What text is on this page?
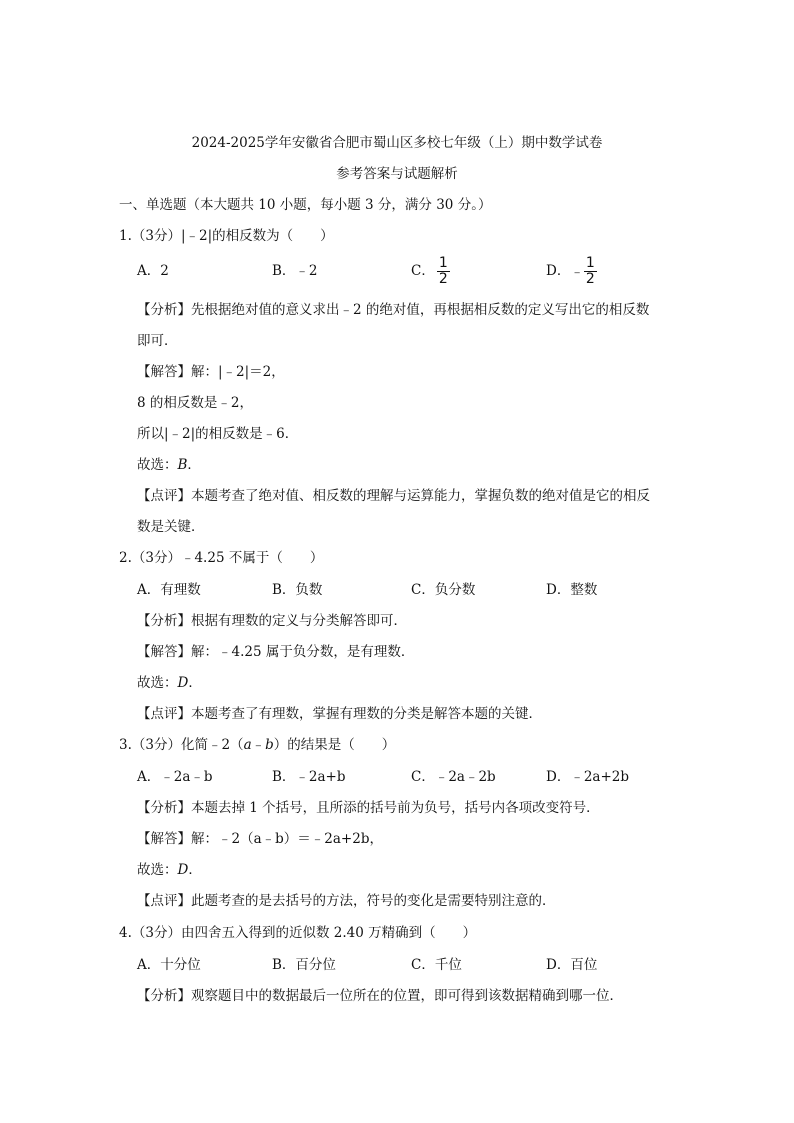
2024-2025学年安徽省合肥市蜀山区多校七年级（上）期中数学试卷
参考答案与试题解析
一、单选题（本大题共 10 小题，每小题 3 分，满分 30 分。）
1.（3分）|﹣2|的相反数为（　　）
A．2	B．﹣2	C． $\frac{1}{2}$	D．﹣ $\frac{1}{2}$
【分析】先根据绝对值的意义求出﹣2 的绝对值，再根据相反数的定义写出它的相反数
即可．
【解答】解：|﹣2|＝2，
8 的相反数是﹣2，
所以|﹣2|的相反数是﹣6．
故选：B．
【点评】本题考查了绝对值、相反数的理解与运算能力，掌握负数的绝对值是它的相反
数是关键．
2.（3分）﹣4.25 不属于（　　）
A．有理数	B．负数	C．负分数	D．整数
【分析】根据有理数的定义与分类解答即可．
【解答】解：﹣4.25 属于负分数，是有理数．
故选：D．
【点评】本题考查了有理数，掌握有理数的分类是解答本题的关键．
3.（3分）化简﹣2（a﹣b）的结果是（　　）
A．﹣2a﹣b	B．﹣2a+b	C．﹣2a﹣2b	D．﹣2a+2b
【分析】本题去掉 1 个括号，且所添的括号前为负号，括号内各项改变符号．
【解答】解：﹣2（a﹣b）＝﹣2a+2b，
故选：D．
【点评】此题考查的是去括号的方法，符号的变化是需要特别注意的．
4.（3分）由四舍五入得到的近似数 2.40 万精确到（　　）
A．十分位	B．百分位	C．千位	D．百位
【分析】观察题目中的数据最后一位所在的位置，即可得到该数据精确到哪一位．
